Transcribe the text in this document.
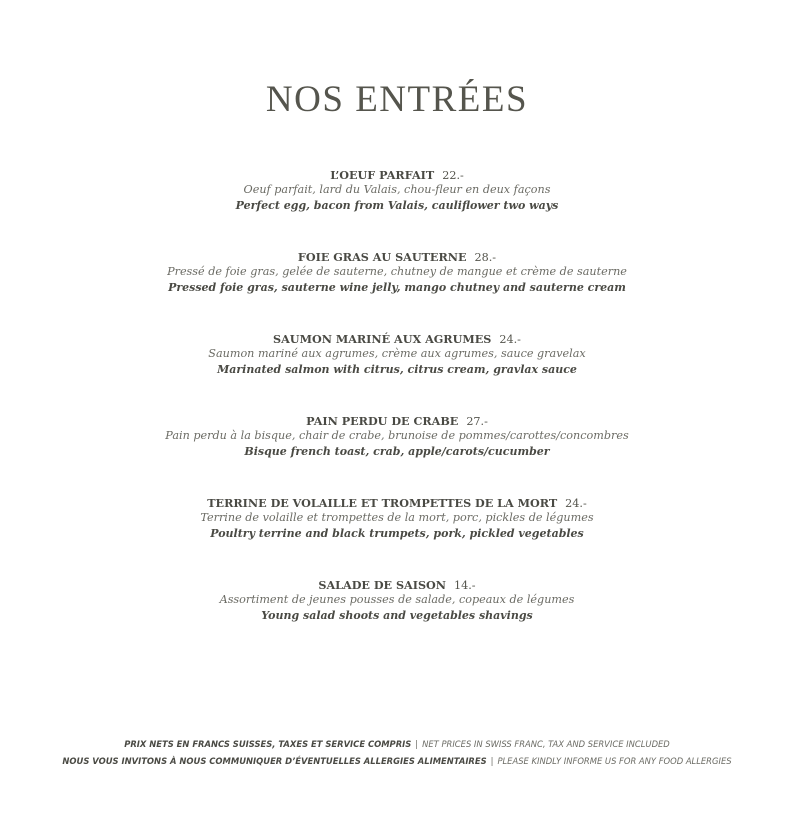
NOS ENTRÉES
L’OEUF PARFAIT 22.-
Oeuf parfait, lard du Valais, chou-fleur en deux façons
Perfect egg, bacon from Valais, cauliflower two ways
FOIE GRAS AU SAUTERNE 28.-
Pressé de foie gras, gelée de sauterne, chutney de mangue et crème de sauterne
Pressed foie gras, sauterne wine jelly, mango chutney and sauterne cream
SAUMON MARINÉ AUX AGRUMES 24.-
Saumon mariné aux agrumes, crème aux agrumes, sauce gravelax
Marinated salmon with citrus, citrus cream, gravlax sauce
PAIN PERDU DE CRABE 27.-
Pain perdu à la bisque, chair de crabe, brunoise de pommes/carottes/concombres
Bisque french toast, crab, apple/carots/cucumber
TERRINE DE VOLAILLE ET TROMPETTES DE LA MORT 24.-
Terrine de volaille et trompettes de la mort, porc, pickles de légumes
Poultry terrine and black trumpets, pork, pickled vegetables
SALADE DE SAISON 14.-
Assortiment de jeunes pousses de salade, copeaux de légumes
Young salad shoots and vegetables shavings
PRIX NETS EN FRANCS SUISSES, TAXES ET SERVICE COMPRIS | NET PRICES IN SWISS FRANC, TAX AND SERVICE INCLUDED
NOUS VOUS INVITONS À NOUS COMMUNIQUER D’ÉVENTUELLES ALLERGIES ALIMENTAIRES | PLEASE KINDLY INFORME US FOR ANY FOOD ALLERGIES
